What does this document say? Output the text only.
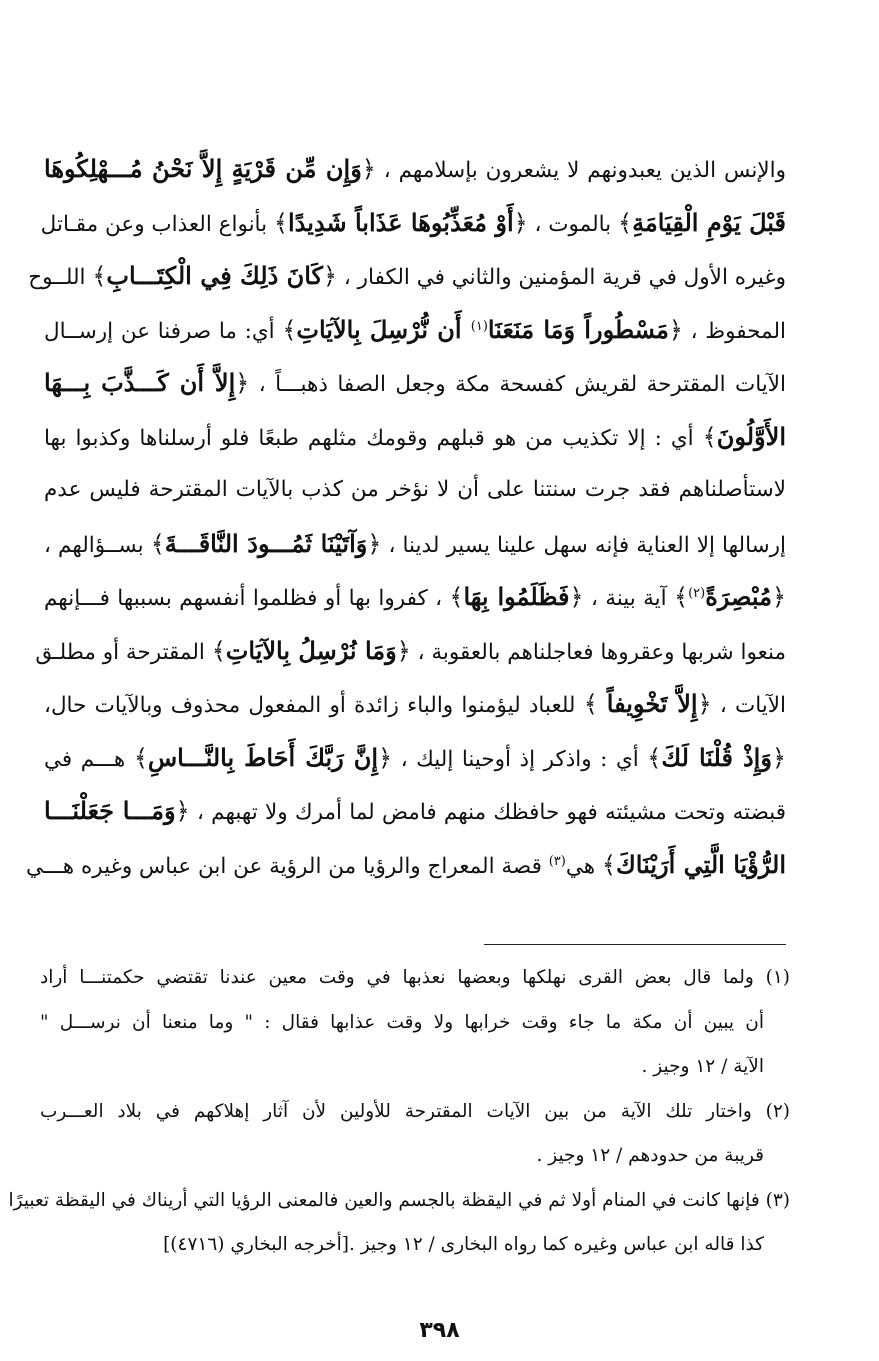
والإنس الذين يعبدونهم لا يشعرون بإسلامهم ، ﴿وَإِن مِّن قَرْيَةٍ إِلاَّ نَحْنُ مُـــهْلِكُوهَا
قَبْلَ يَوْمِ الْقِيَامَةِ﴾ بالموت ، ﴿أَوْ مُعَذِّبُوهَا عَذَاباً شَدِيدًا﴾ بأنواع العذاب وعن مقـاتل
وغيره الأول في قرية المؤمنين والثاني في الكفار ، ﴿كَانَ ذَلِكَ فِي الْكِتَـــابِ﴾ اللــوح
المحفوظ ، ﴿مَسْطُوراً وَمَا مَنَعَنَا$^{(١)}$ أَن نُّرْسِلَ بِالآيَاتِ﴾ أي: ما صرفنا عن إرســال
الآيات المقترحة لقريش كفسحة مكة وجعل الصفا ذهبـــاً ، ﴿إِلاَّ أَن كَـــذَّبَ بِـــهَا
الأَوَّلُونَ﴾ أي : إلا تكذيب من هو قبلهم وقومك مثلهم طبعًا فلو أرسلناها وكذبوا بها
لاستأصلناهم فقد جرت سنتنا على أن لا نؤخر من كذب بالآيات المقترحة فليس عدم
إرسالها إلا العناية فإنه سهل علينا يسير لدينا ، ﴿وَآتَيْنَا ثَمُـــودَ النَّاقَـــةَ﴾ بســؤالهم ،
﴿مُبْصِرَةً$^{(٢)}$﴾ آية بينة ، ﴿فَظَلَمُوا بِهَا﴾ ، كفروا بها أو فظلموا أنفسهم بسببها فـــإنهم
منعوا شربها وعقروها فعاجلناهم بالعقوبة ، ﴿وَمَا نُرْسِلُ بِالآيَاتِ﴾ المقترحة أو مطلـق
الآيات ، ﴿إِلاَّ تَخْوِيفاً ﴾ للعباد ليؤمنوا والباء زائدة أو المفعول محذوف وبالآيات حال،
﴿وَإِذْ قُلْنَا لَكَ﴾ أي : واذكر إذ أوحينا إليك ، ﴿إِنَّ رَبَّكَ أَحَاطَ بِالنَّـــاسِ﴾ هـــم في
قبضته وتحت مشيئته فهو حافظك منهم فامض لما أمرك ولا تهبهم ، ﴿وَمَـــا جَعَلْنَـــا
الرُّؤْيَا الَّتِي أَرَيْنَاكَ﴾ هي$^{(٣)}$ قصة المعراج والرؤيا من الرؤية عن ابن عباس وغيره هـــي
(١) ولما قال بعض القرى نهلكها وبعضها نعذبها في وقت معين عندنا تقتضي حكمتنـــا أراد
أن يبين أن مكة ما جاء وقت خرابها ولا وقت عذابها فقال : " وما منعنا أن نرســـل "
الآية / ١٢ وجيز .
(٢) واختار تلك الآية من بين الآيات المقترحة للأولين لأن آثار إهلاكهم في بلاد العـــرب
قريبة من حدودهم / ١٢ وجيز .
(٣) فإنها كانت في المنام أولا ثم في اليقظة بالجسم والعين فالمعنى الرؤيا التي أريناك في اليقظة تعبيرًا
كذا قاله ابن عباس وغيره كما رواه البخارى / ١٢ وجيز .[أخرجه البخاري (٤٧١٦)]
٣٩٨
